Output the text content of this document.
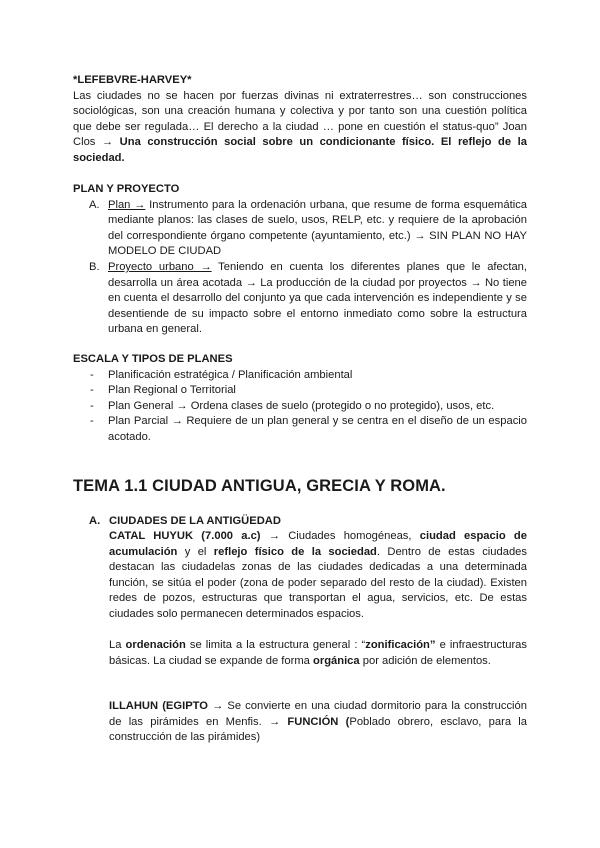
*LEFEBVRE-HARVEY*
Las ciudades no se hacen por fuerzas divinas ni extraterrestres… son construcciones sociológicas, son una creación humana y colectiva y por tanto son una cuestión política que debe ser regulada… El derecho a la ciudad … pone en cuestión el status-quo” Joan Clos → Una construcción social sobre un condicionante físico. El reflejo de la sociedad.
PLAN Y PROYECTO
A. Plan → Instrumento para la ordenación urbana, que resume de forma esquemática mediante planos: las clases de suelo, usos, RELP, etc. y requiere de la aprobación del correspondiente órgano competente (ayuntamiento, etc.) → SIN PLAN NO HAY MODELO DE CIUDAD
B. Proyecto urbano → Teniendo en cuenta los diferentes planes que le afectan, desarrolla un área acotada → La producción de la ciudad por proyectos → No tiene en cuenta el desarrollo del conjunto ya que cada intervención es independiente y se desentiende de su impacto sobre el entorno inmediato como sobre la estructura urbana en general.
ESCALA Y TIPOS DE PLANES
- Planificación estratégica / Planificación ambiental
- Plan Regional o Territorial
- Plan General → Ordena clases de suelo (protegido o no protegido), usos, etc.
- Plan Parcial → Requiere de un plan general y se centra en el diseño de un espacio acotado.
TEMA 1.1 CIUDAD ANTIGUA, GRECIA Y ROMA.
A. CIUDADES DE LA ANTIGÜEDAD
CATAL HUYUK (7.000 a.c) → Ciudades homogéneas, ciudad espacio de acumulación y el reflejo físico de la sociedad. Dentro de estas ciudades destacan las ciudadelas zonas de las ciudades dedicadas a una determinada función, se sitúa el poder (zona de poder separado del resto de la ciudad). Existen redes de pozos, estructuras que transportan el agua, servicios, etc. De estas ciudades solo permanecen determinados espacios.
La ordenación se limita a la estructura general : “zonificación” e infraestructuras básicas. La ciudad se expande de forma orgánica por adición de elementos.
ILLAHUN (EGIPTO → Se convierte en una ciudad dormitorio para la construcción de las pirámides en Menfis. → FUNCIÓN (Poblado obrero, esclavo, para la construcción de las pirámides)
